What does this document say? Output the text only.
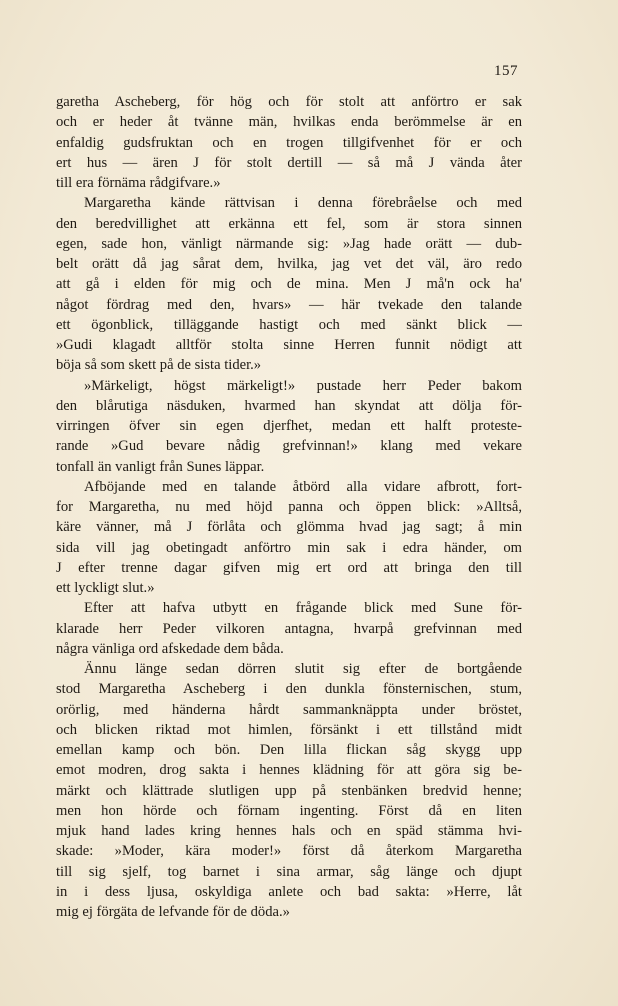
157
garetha Ascheberg, för hög och för stolt att anförtro er sak
och er heder åt tvänne män, hvilkas enda berömmelse är en
enfaldig gudsfruktan och en trogen tillgifvenhet för er och
ert hus — ären J för stolt dertill — så må J vända åter
till era förnäma rådgifvare.»
Margaretha kände rättvisan i denna förebråelse och med
den beredvillighet att erkänna ett fel, som är stora sinnen
egen, sade hon, vänligt närmande sig: »Jag hade orätt — dub-
belt orätt då jag sårat dem, hvilka, jag vet det väl, äro redo
att gå i elden för mig och de mina. Men J må'n ock ha'
något fördrag med den, hvars» — här tvekade den talande
ett ögonblick, tilläggande hastigt och med sänkt blick —
»Gudi klagadt alltför stolta sinne Herren funnit nödigt att
böja så som skett på de sista tider.»
»Märkeligt, högst märkeligt!» pustade herr Peder bakom
den blårutiga näsduken, hvarmed han skyndat att dölja för-
virringen öfver sin egen djerfhet, medan ett halft proteste-
rande »Gud bevare nådig grefvinnan!» klang med vekare
tonfall än vanligt från Sunes läppar.
Afböjande med en talande åtbörd alla vidare afbrott, fort-
for Margaretha, nu med höjd panna och öppen blick: »Alltså,
käre vänner, må J förlåta och glömma hvad jag sagt; å min
sida vill jag obetingadt anförtro min sak i edra händer, om
J efter trenne dagar gifven mig ert ord att bringa den till
ett lyckligt slut.»
Efter att hafva utbytt en frågande blick med Sune för-
klarade herr Peder vilkoren antagna, hvarpå grefvinnan med
några vänliga ord afskedade dem båda.
Ännu länge sedan dörren slutit sig efter de bortgående
stod Margaretha Ascheberg i den dunkla fönsternischen, stum,
orörlig, med händerna hårdt sammanknäppta under bröstet,
och blicken riktad mot himlen, försänkt i ett tillstånd midt
emellan kamp och bön. Den lilla flickan såg skygg upp
emot modren, drog sakta i hennes klädning för att göra sig be-
märkt och klättrade slutligen upp på stenbänken bredvid henne;
men hon hörde och förnam ingenting. Först då en liten
mjuk hand lades kring hennes hals och en späd stämma hvi-
skade: »Moder, kära moder!» först då återkom Margaretha
till sig sjelf, tog barnet i sina armar, såg länge och djupt
in i dess ljusa, oskyldiga anlete och bad sakta: »Herre, låt
mig ej förgäta de lefvande för de döda.»
